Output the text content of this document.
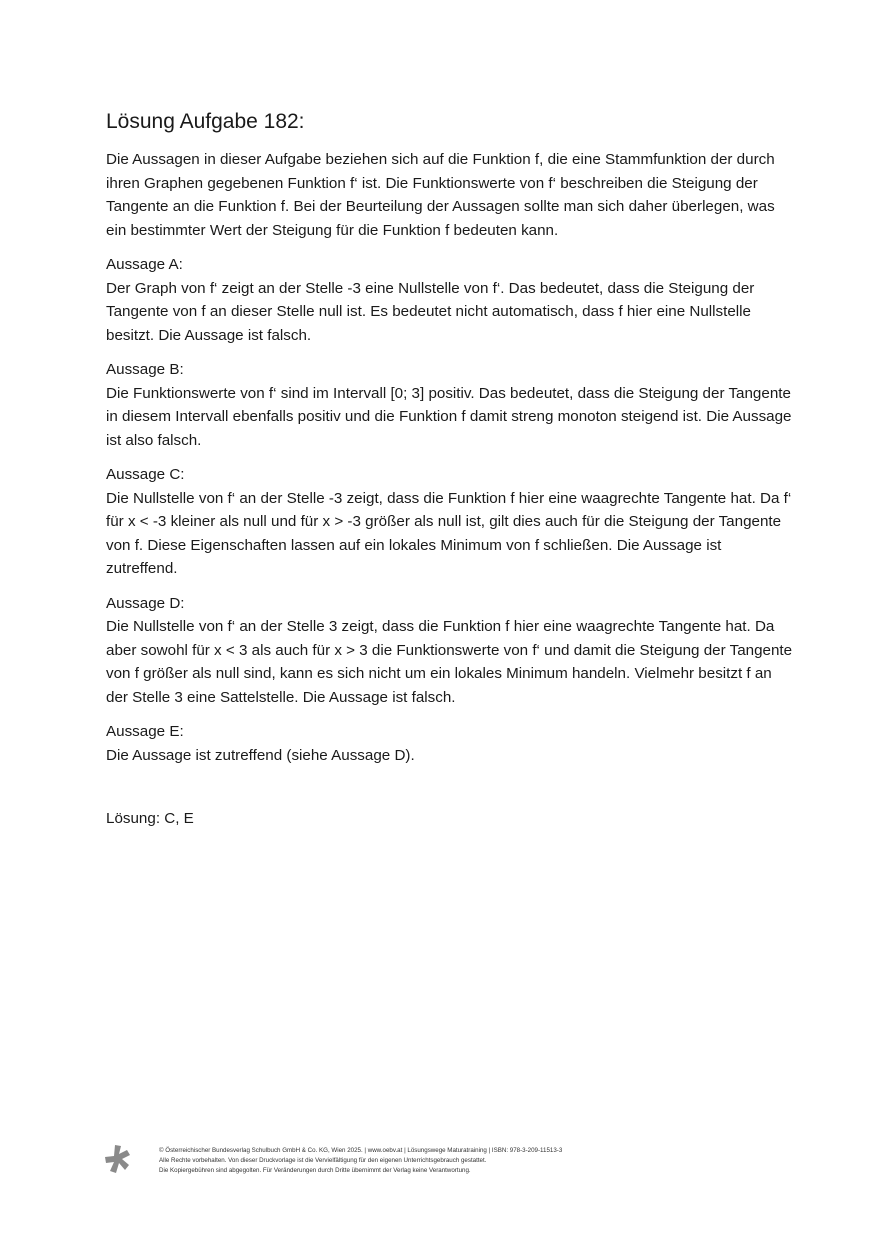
Lösung Aufgabe 182:

Die Aussagen in dieser Aufgabe beziehen sich auf die Funktion f, die eine Stammfunktion der durch ihren Graphen gegebenen Funktion f‘ ist. Die Funktionswerte von f‘ beschreiben die Steigung der Tangente an die Funktion f. Bei der Beurteilung der Aussagen sollte man sich daher überlegen, was ein bestimmter Wert der Steigung für die Funktion f bedeuten kann.

Aussage A:
Der Graph von f‘ zeigt an der Stelle -3 eine Nullstelle von f‘. Das bedeutet, dass die Steigung der Tangente von f an dieser Stelle null ist. Es bedeutet nicht automatisch, dass f hier eine Nullstelle besitzt. Die Aussage ist falsch.
Aussage B:
Die Funktionswerte von f‘ sind im Intervall [0; 3] positiv. Das bedeutet, dass die Steigung der Tangente in diesem Intervall ebenfalls positiv und die Funktion f damit streng monoton steigend ist. Die Aussage ist also falsch.
Aussage C:
Die Nullstelle von f‘ an der Stelle -3 zeigt, dass die Funktion f hier eine waagrechte Tangente hat. Da f‘ für x < -3 kleiner als null und für x > -3 größer als null ist, gilt dies auch für die Steigung der Tangente von f. Diese Eigenschaften lassen auf ein lokales Minimum von f schließen. Die Aussage ist zutreffend.
Aussage D:
Die Nullstelle von f‘ an der Stelle 3 zeigt, dass die Funktion f hier eine waagrechte Tangente hat. Da aber sowohl für x < 3 als auch für x > 3 die Funktionswerte von f‘ und damit die Steigung der Tangente von f größer als null sind, kann es sich nicht um ein lokales Minimum handeln. Vielmehr besitzt f an der Stelle 3 eine Sattelstelle. Die Aussage ist falsch.
Aussage E:
Die Aussage ist zutreffend (siehe Aussage D).

Lösung: C, E

© Österreichischer Bundesverlag Schulbuch GmbH & Co. KG, Wien 2025. | www.oebv.at | Lösungswege Maturatraining | ISBN: 978-3-209-11513-3
Alle Rechte vorbehalten. Von dieser Druckvorlage ist die Vervielfältigung für den eigenen Unterrichtsgebrauch gestattet.
Die Kopiergebühren sind abgegolten. Für Veränderungen durch Dritte übernimmt der Verlag keine Verantwortung.
